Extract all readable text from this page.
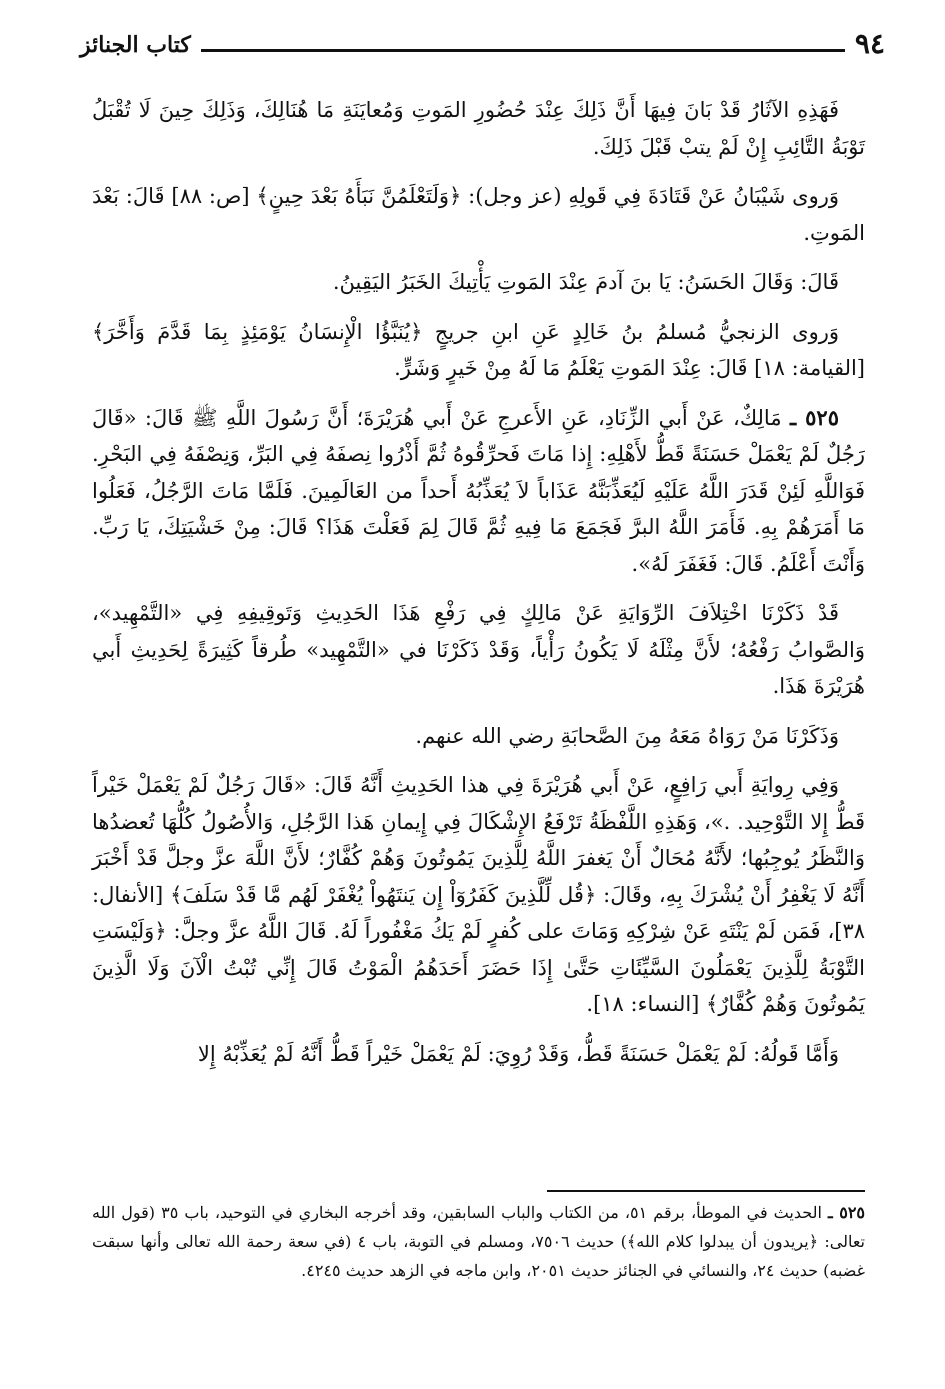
٩٤
كتاب الجنائز

فَهَذِهِ الآثَارُ قَدْ بَانَ فِيهَا أَنَّ ذَلِكَ عِنْدَ حُضُورِ المَوتِ وَمُعايَنَةِ مَا هُنَالِكَ، وَذَلِكَ حِينَ لَا تُقْبَلُ تَوْبَةُ التَّائِبِ إِنْ لَمْ يتبْ قَبْلَ ذَلِكَ.

وَروى شَيْبَانُ عَنْ قَتَادَةَ فِي قَولِهِ (عز وجل): ﴿وَلَتَعْلَمُنَّ نَبَأَهُ بَعْدَ حِينٍ﴾ [ص: ٨٨] قَالَ: بَعْدَ المَوتِ.

قَالَ: وَقَالَ الحَسَنُ: يَا بنَ آدمَ عِنْدَ المَوتِ يَأْتِيكَ الخَبَرُ اليَقِينُ.

وَروى الزنجيُّ مُسلمُ بنُ خَالِدٍ عَنِ ابنِ جريجٍ ﴿يُنَبَّؤُا الْإِنسَانُ يَوْمَئِذٍ بِمَا قَدَّمَ وَأَخَّرَ﴾ [القيامة: ١٨] قَالَ: عِنْدَ المَوتِ يَعْلَمُ مَا لَهُ مِنْ خَيرٍ وَشَرٍّ.

٥٢٥ ـ مَالِكٌ، عَنْ أَبي الزِّنَادِ، عَنِ الأَعرجِ عَنْ أَبي هُرَيْرَةَ؛ أَنَّ رَسُولَ اللَّهِ ﷺ قَالَ: «قَالَ رَجُلٌ لَمْ يَعْمَلْ حَسَنَةً قَطُّ لأَهْلِهِ: إِذا مَاتَ فَحرِّقُوهُ ثُمَّ أَذْرُوا نِصفَهُ فِي البَرِّ، وَنِصْفَهُ فِي البَحْرِ. فَوَاللَّهِ لَئِنْ قَدَرَ اللَّهُ عَلَيْهِ لَيُعَذِّبَنَّهُ عَذَاباً لاَ يُعَذِّبُهُ أَحداً من العَالَمِينَ. فَلَمَّا مَاتَ الرَّجُلُ، فَعَلُوا مَا أَمَرَهُمْ بِهِ. فَأَمَرَ اللَّهُ البرَّ فَجَمَعَ مَا فِيهِ ثُمَّ قَالَ لِمَ فَعَلْتَ هَذَا؟ قَالَ: مِنْ خَشْيَتِكَ، يَا رَبِّ. وَأَنْتَ أَعْلَمُ. قَالَ: فَغَفَرَ لَهُ».

قَدْ ذَكَرْنَا اخْتِلاَفَ الرِّوَايَةِ عَنْ مَالِكٍ فِي رَفْعِ هَذَا الحَدِيثِ وَتَوقِيفِهِ فِي «التَّمْهِيد»، وَالصَّوابُ رَفْعُهُ؛ لأَنَّ مِثْلَهُ لَا يَكُونُ رَأْياً، وَقَدْ ذَكَرْنَا في «التَّمْهِيد» طُرقاً كَثِيرَةً لِحَدِيثِ أَبي هُرَيْرَةَ هَذَا.

وَذَكَرْنَا مَنْ رَوَاهُ مَعَهُ مِنَ الصَّحابَةِ رضي الله عنهم.

وَفِي رِوايَةِ أَبي رَافِعٍ، عَنْ أَبي هُرَيْرَةَ فِي هذا الحَدِيثِ أَنَّهُ قَالَ: «قَالَ رَجُلٌ لَمْ يَعْمَلْ خَيْراً قَطُّ إِلا التَّوْحِيد. .»، وَهَذِهِ اللَّفْظَةُ تَرْفَعُ الإِشْكَالَ فِي إِيمانِ هَذا الرَّجُلِ، وَالأُصُولُ كُلُّهَا تُعضدُها وَالنَّظَرُ يُوجِبُها؛ لأَنَّهُ مُحَالٌ أَنْ يَغفرَ اللَّهُ لِلَّذِينَ يَمُوتُونَ وَهُمْ كُفَّارٌ؛ لأَنَّ اللَّهَ عزَّ وجلَّ قَدْ أَخْبَرَ أَنَّهُ لَا يَغْفِرُ أَنْ يُشْرَكَ بِهِ، وقَالَ: ﴿قُل لِّلَّذِينَ كَفَرُوٓاْ إِن يَنتَهُواْ يُغْفَرْ لَهُم مَّا قَدْ سَلَفَ﴾ [الأنفال: ٣٨]، فَمَن لَمْ يَنْتَهِ عَنْ شِرْكِهِ وَمَاتَ على كُفرٍ لَمْ يَكُ مَغْفُوراً لَهُ. قَالَ اللَّهُ عزَّ وجلَّ: ﴿وَلَيْسَتِ التَّوْبَةُ لِلَّذِينَ يَعْمَلُونَ السَّيِّئَاتِ حَتَّىٰ إِذَا حَضَرَ أَحَدَهُمُ الْمَوْتُ قَالَ إِنِّي تُبْتُ الْآنَ وَلَا الَّذِينَ يَمُوتُونَ وَهُمْ كُفَّارٌ﴾ [النساء: ١٨].

وَأَمَّا قَولُهُ: لَمْ يَعْمَلْ حَسَنَةً قَطُّ، وَقَدْ رُوِيَ: لَمْ يَعْمَلْ خَيْراً قَطُّ أَنَّهُ لَمْ يُعَذِّبْهُ إِلا

٥٢٥ ـ الحديث في الموطأ، برقم ٥١، من الكتاب والباب السابقين، وقد أخرجه البخاري في التوحيد، باب ٣٥ (قول الله تعالى: ﴿يريدون أن يبدلوا كلام الله﴾) حديث ٧٥٠٦، ومسلم في التوبة، باب ٤ (في سعة رحمة الله تعالى وأنها سبقت غضبه) حديث ٢٤، والنسائي في الجنائز حديث ٢٠٥١، وابن ماجه في الزهد حديث ٤٢٤٥.
